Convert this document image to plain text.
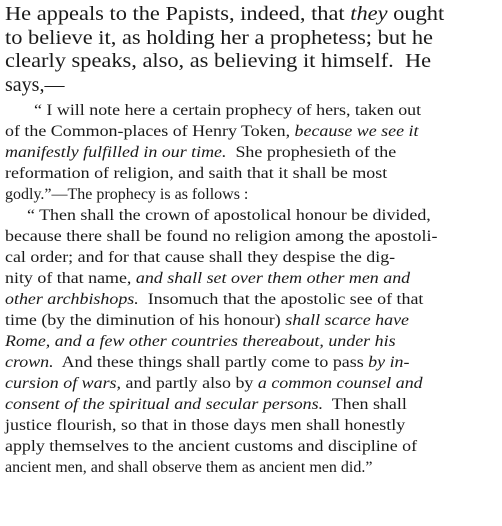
He appeals to the Papists, indeed, that they ought
to believe it, as holding her a prophetess; but he
clearly speaks, also, as believing it himself.  He
says,—
“ I will note here a certain prophecy of hers, taken out
of the Common-places of Henry Token, because we see it
manifestly fulfilled in our time.  She prophesieth of the
reformation of religion, and saith that it shall be most
godly.”—The prophecy is as follows :
“ Then shall the crown of apostolical honour be divided,
because there shall be found no religion among the apostoli-
cal order; and for that cause shall they despise the dig-
nity of that name, and shall set over them other men and
other archbishops.  Insomuch that the apostolic see of that
time (by the diminution of his honour) shall scarce have
Rome, and a few other countries thereabout, under his
crown.  And these things shall partly come to pass by in-
cursion of wars, and partly also by a common counsel and
consent of the spiritual and secular persons.  Then shall
justice flourish, so that in those days men shall honestly
apply themselves to the ancient customs and discipline of
ancient men, and shall observe them as ancient men did.”
